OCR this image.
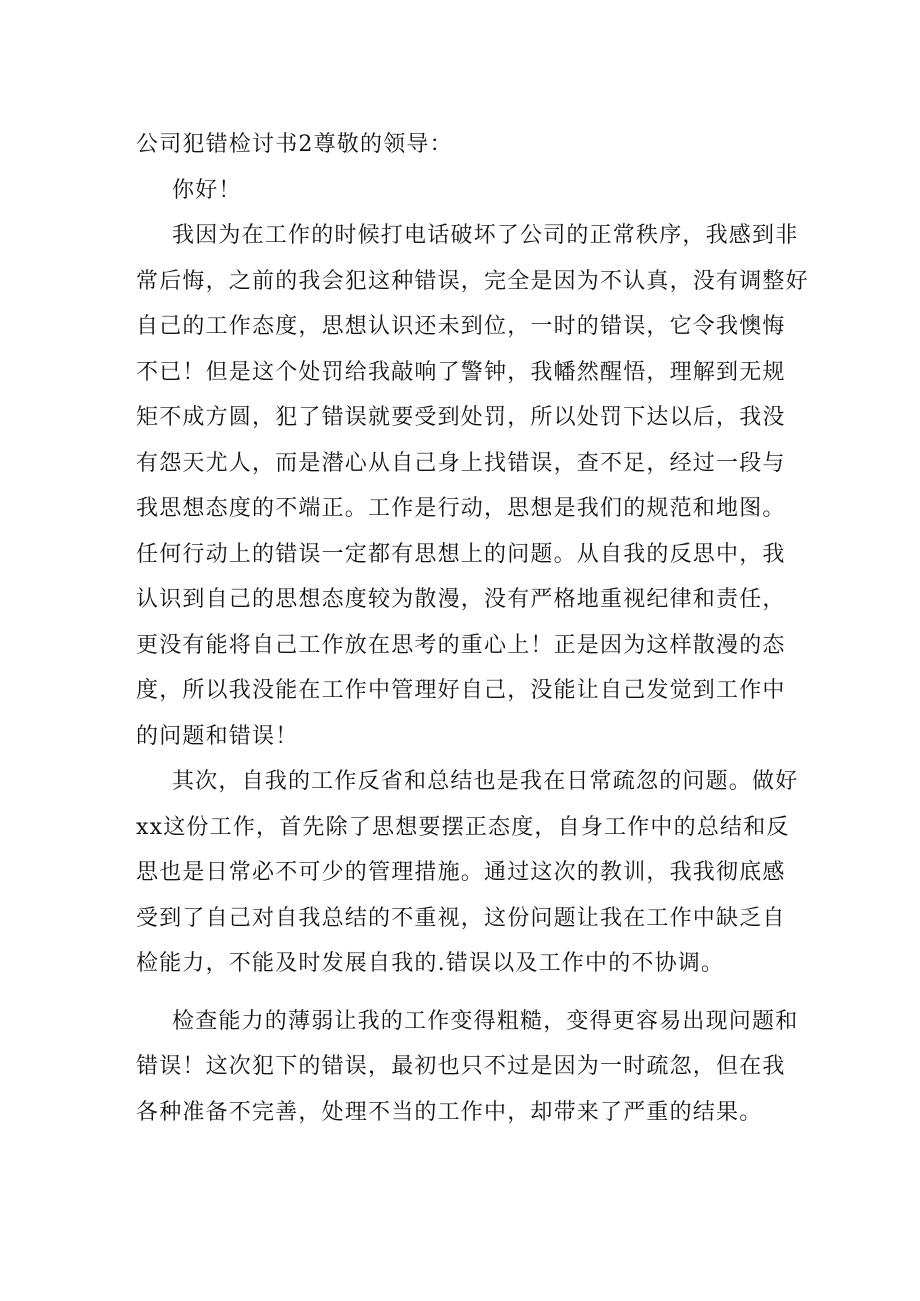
公司犯错检讨书2尊敬的领导：
你好！
我因为在工作的时候打电话破坏了公司的正常秩序，我感到非
常后悔，之前的我会犯这种错误，完全是因为不认真，没有调整好
自己的工作态度，思想认识还未到位，一时的错误，它令我懊悔
不已！但是这个处罚给我敲响了警钟，我幡然醒悟，理解到无规
矩不成方圆，犯了错误就要受到处罚，所以处罚下达以后，我没
有怨天尤人，而是潜心从自己身上找错误，查不足，经过一段与
我思想态度的不端正。工作是行动，思想是我们的规范和地图。
任何行动上的错误一定都有思想上的问题。从自我的反思中，我
认识到自己的思想态度较为散漫，没有严格地重视纪律和责任，
更没有能将自己工作放在思考的重心上！正是因为这样散漫的态
度，所以我没能在工作中管理好自己，没能让自己发觉到工作中
的问题和错误！
其次，自我的工作反省和总结也是我在日常疏忽的问题。做好
xx这份工作，首先除了思想要摆正态度，自身工作中的总结和反
思也是日常必不可少的管理措施。通过这次的教训，我我彻底感
受到了自己对自我总结的不重视，这份问题让我在工作中缺乏自
检能力，不能及时发展自我的.错误以及工作中的不协调。
检查能力的薄弱让我的工作变得粗糙，变得更容易出现问题和
错误！这次犯下的错误，最初也只不过是因为一时疏忽，但在我
各种准备不完善，处理不当的工作中，却带来了严重的结果。
